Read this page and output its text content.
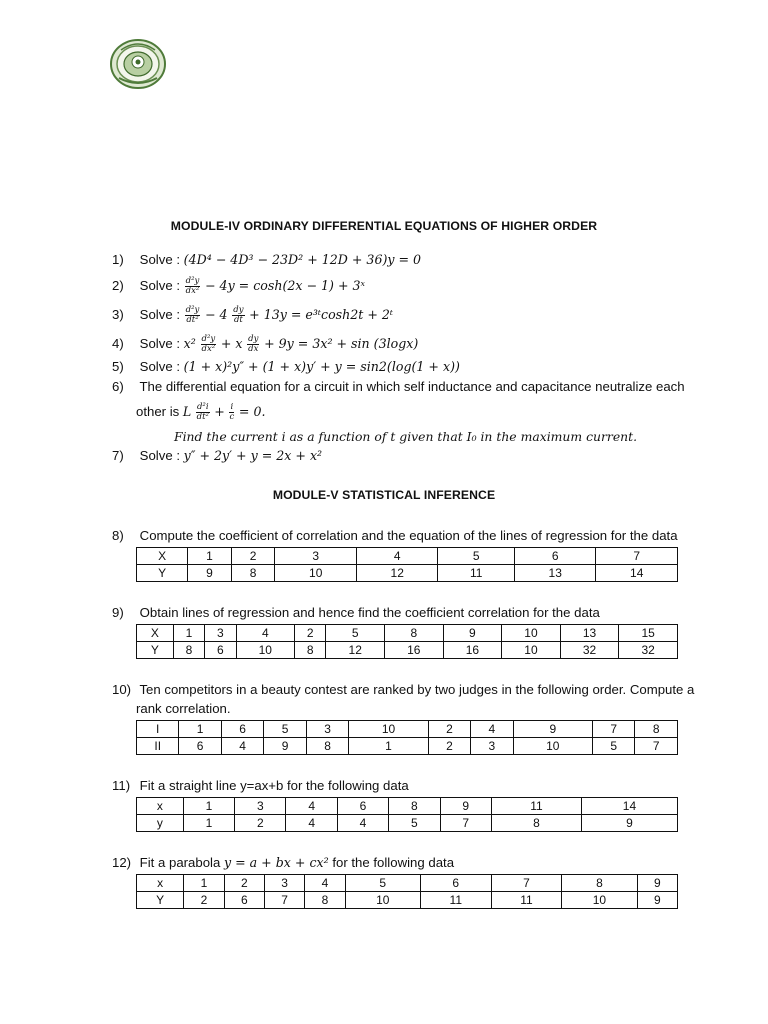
MODULE-IV ORDINARY DIFFERENTIAL EQUATIONS OF HIGHER ORDER
1) Solve : (4D⁴ − 4D³ − 23D² + 12D + 36)y = 0
2) Solve : $\frac{\text{d²y}}{\text{dx²}} - 4y = \cosh(2x - 1)$ + 3ˣ
3) Solve : $\frac{\text{d²y}}{\text{dt²}} - 4 \frac{dy}{dt} + 13y$ = e³ᵗcosh2t + 2ᵗ
4) Solve : $x^2 \frac{\text{d²y}}{\text{dx²}} + x \frac{dy}{dx} + 9y = 3x^2 + \sin (3\log x)$
5) Solve : (1 + x)²y″ + (1 + x)y′ + y = sin2(log(1 + x))
6) The differential equation for a circuit in which self inductance and capacitance neutralize each
other is L $\frac{\text{d²i}}{\text{dt²}} + \frac{i}{c} = 0$.
Find the current i as a function of t given that I₀ in the maximum current.
7) Solve : y″ + 2y′ + y = 2x + x²
MODULE-V STATISTICAL INFERENCE
8) Compute the coefficient of correlation and the equation of the lines of regression for the data
X	1	2	3	4	5	6	7
Y	9	8	10	12	11	13	14
9) Obtain lines of regression and hence find the coefficient correlation for the data
X	1	3	4	2	5	8	9	10	13	15
Y	8	6	10	8	12	16	16	10	32	32
10) Ten competitors in a beauty contest are ranked by two judges in the following order. Compute a
rank correlation.
I	1	6	5	3	10	2	4	9	7	8
II	6	4	9	8	1	2	3	10	5	7
11) Fit a straight line y=ax+b for the following data
x	1	3	4	6	8	9	11	14
y	1	2	4	4	5	7	8	9
12) Fit a parabola y = a + bx + cx² for the following data
x	1	2	3	4	5	6	7	8	9
Y	2	6	7	8	10	11	11	10	9
